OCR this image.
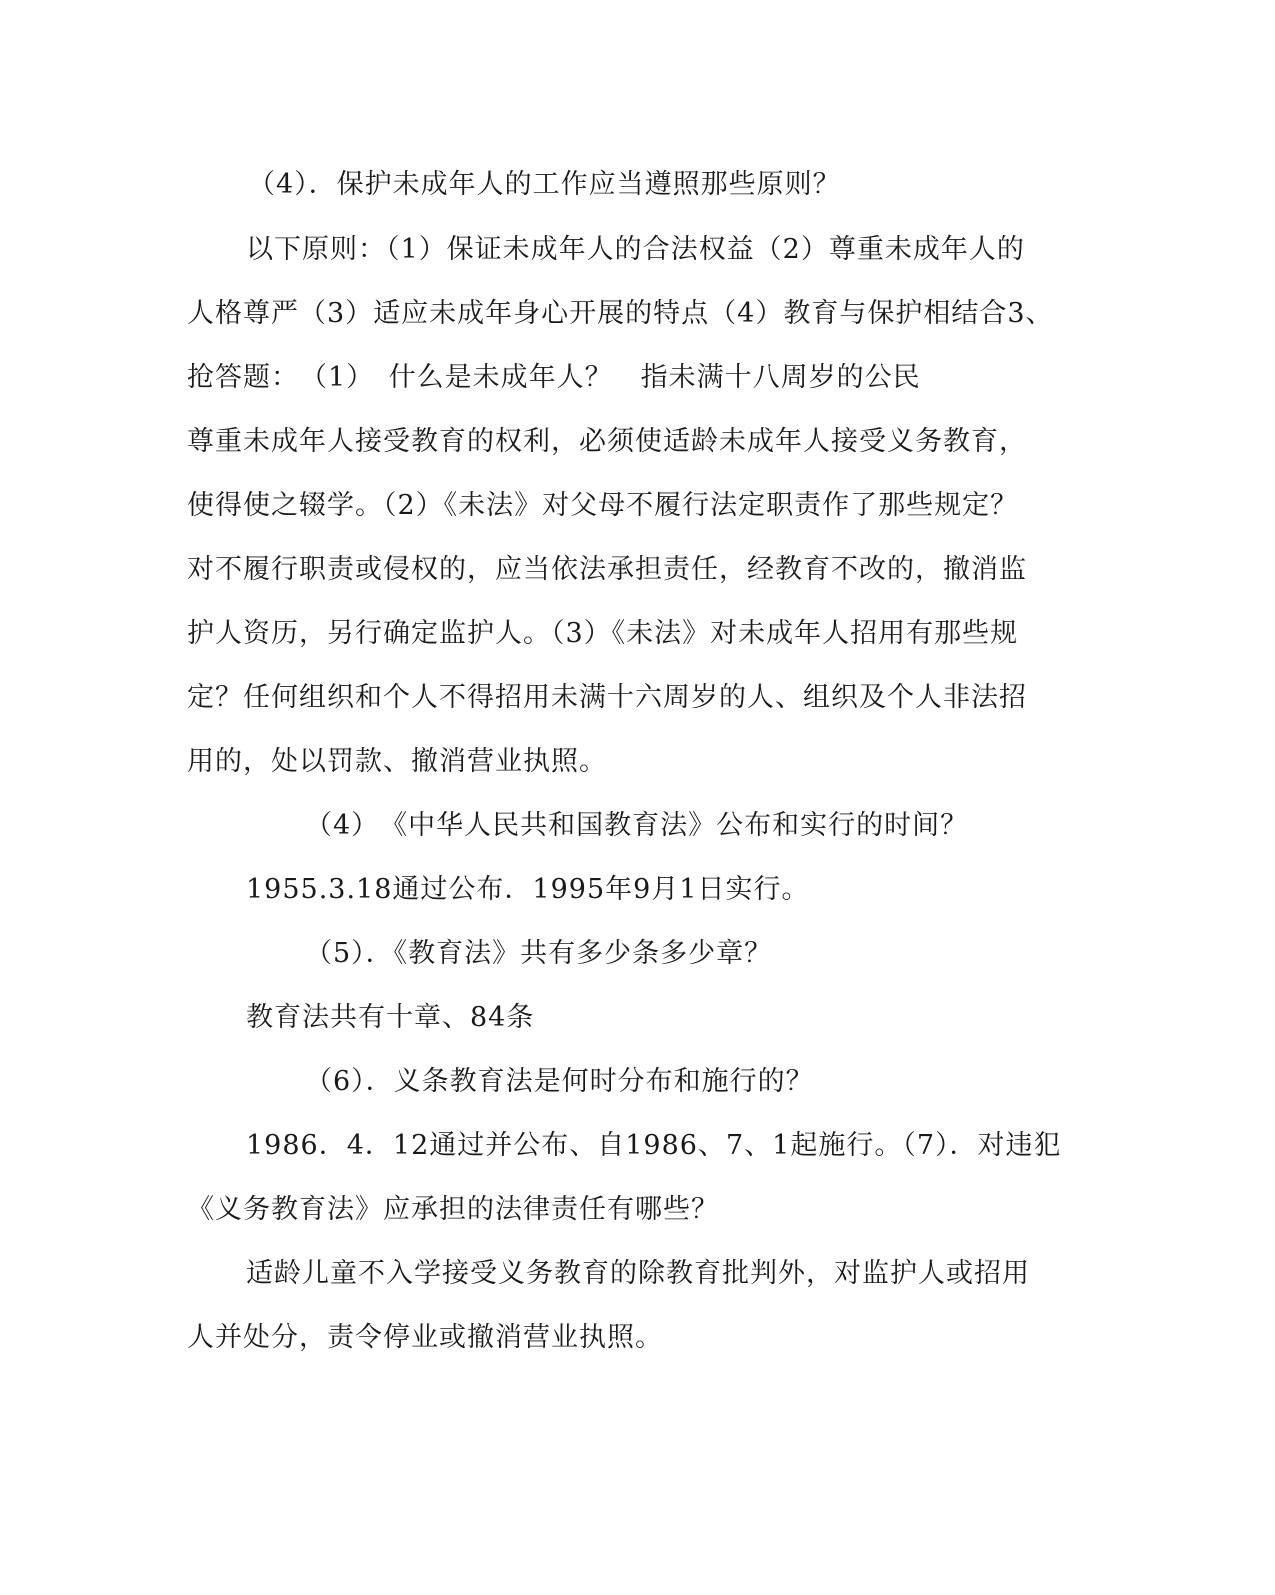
（4）．保护未成年人的工作应当遵照那些原则？
以下原则：（1）保证未成年人的合法权益（2）尊重未成年人的
人格尊严（3）适应未成年身心开展的特点（4）教育与保护相结合3、
抢答题：　（1）　什么是未成年人？　指未满十八周岁的公民
尊重未成年人接受教育的权利，必须使适龄未成年人接受义务教育，
使得使之辍学。（2）《未法》对父母不履行法定职责作了那些规定？
对不履行职责或侵权的，应当依法承担责任，经教育不改的，撤消监
护人资历，另行确定监护人。（3）《未法》对未成年人招用有那些规
定？任何组织和个人不得招用未满十六周岁的人、组织及个人非法招
用的，处以罚款、撤消营业执照。
（4）　《中华人民共和国教育法》公布和实行的时间？
1955.3.18通过公布．1995年9月1日实行。
（5）．《教育法》共有多少条多少章？
教育法共有十章、84条
（6）．义条教育法是何时分布和施行的？
1986．4．12通过并公布、自1986、7、1起施行。（7）．对违犯
《义务教育法》应承担的法律责任有哪些？
适龄儿童不入学接受义务教育的除教育批判外，对监护人或招用
人并处分，责令停业或撤消营业执照。
